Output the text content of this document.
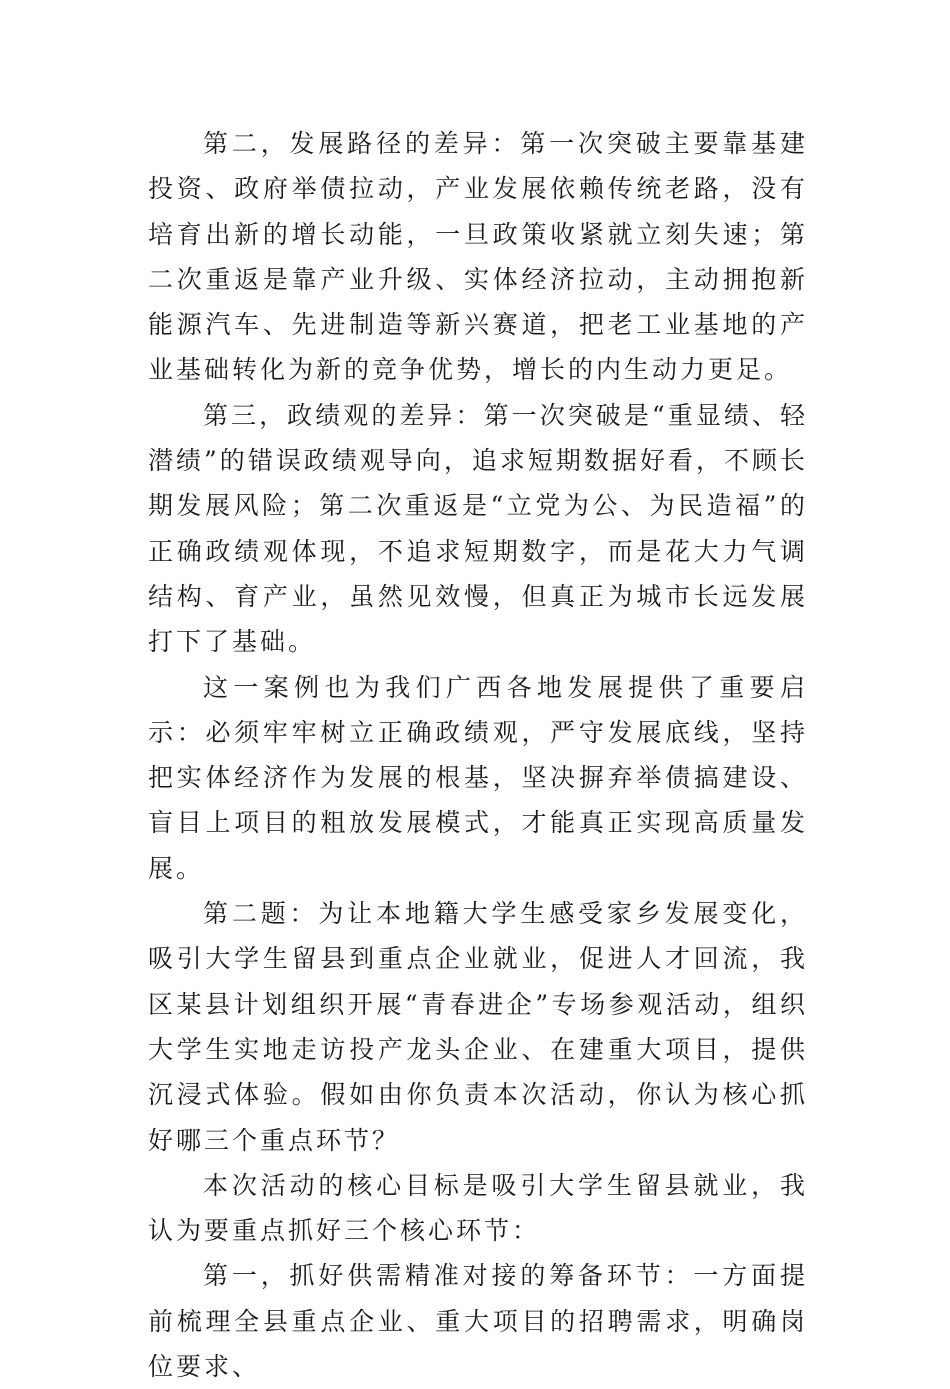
第二，发展路径的差异：第一次突破主要靠基建投资、政府举债拉动，产业发展依赖传统老路，没有培育出新的增长动能，一旦政策收紧就立刻失速；第二次重返是靠产业升级、实体经济拉动，主动拥抱新能源汽车、先进制造等新兴赛道，把老工业基地的产业基础转化为新的竞争优势，增长的内生动力更足。

第三，政绩观的差异：第一次突破是“重显绩、轻潜绩”的错误政绩观导向，追求短期数据好看，不顾长期发展风险；第二次重返是“立党为公、为民造福”的正确政绩观体现，不追求短期数字，而是花大力气调结构、育产业，虽然见效慢，但真正为城市长远发展打下了基础。

这一案例也为我们广西各地发展提供了重要启示：必须牢牢树立正确政绩观，严守发展底线，坚持把实体经济作为发展的根基，坚决摒弃举债搞建设、盲目上项目的粗放发展模式，才能真正实现高质量发展。

第二题：为让本地籍大学生感受家乡发展变化，吸引大学生留县到重点企业就业，促进人才回流，我区某县计划组织开展“青春进企”专场参观活动，组织大学生实地走访投产龙头企业、在建重大项目，提供沉浸式体验。假如由你负责本次活动，你认为核心抓好哪三个重点环节？

本次活动的核心目标是吸引大学生留县就业，我认为要重点抓好三个核心环节：

第一，抓好供需精准对接的筹备环节：一方面提前梳理全县重点企业、重大项目的招聘需求，明确岗位要求、
